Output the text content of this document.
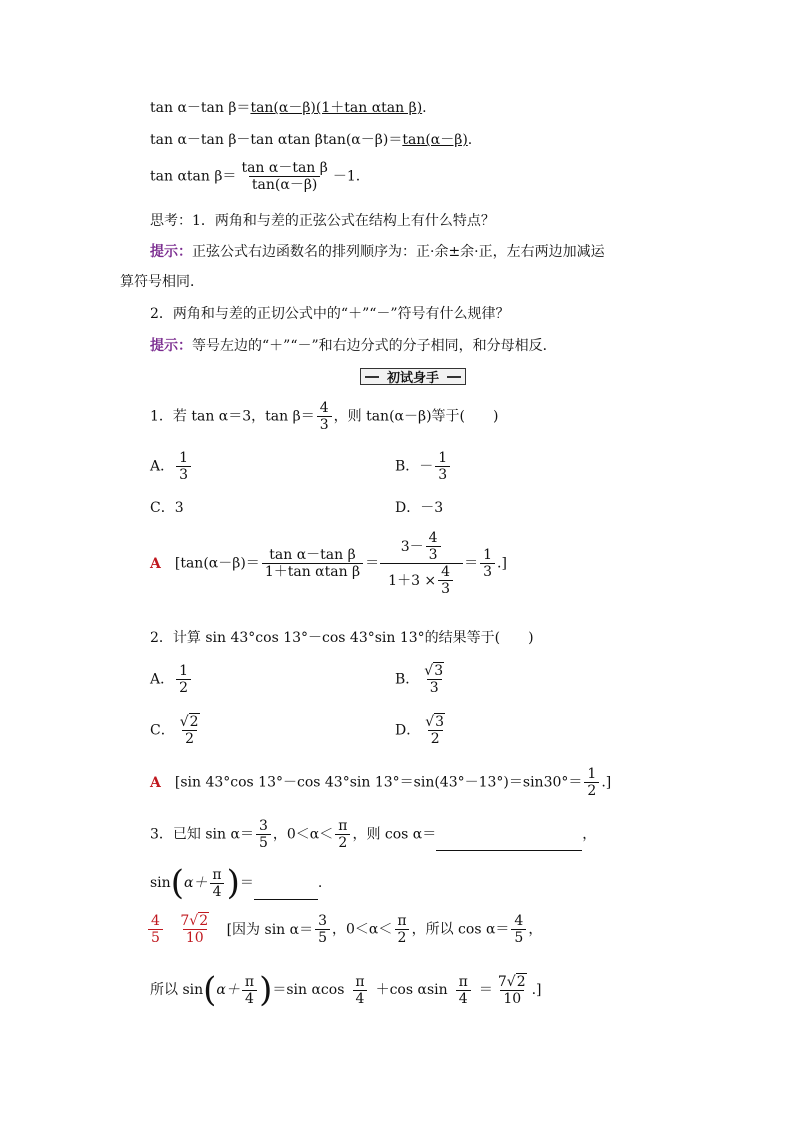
tan α－tan β＝tan(α－β)(1＋tan αtan β).
tan α－tan β－tan αtan βtan(α－β)＝tan(α－β).
tan αtan $\beta= \frac{\text{tan α－tan β}}{\tan(\alpha-\beta)} -1$.
思考：1．两角和与差的正弦公式在结构上有什么特点？
提示：正弦公式右边函数名的排列顺序为：正·余±余·正，左右两边加减运
算符号相同．
2．两角和与差的正切公式中的“＋”“－”符号有什么规律？
提示：等号左边的“＋”“－”和右边分式的分子相同，和分母相反．
初试身手
1．若 tan α＝3，$\tan \beta= \frac{4}{3}$ ，则 tan(α－β)等于(　　)
A． $\frac{1}{3}$	B．－ $\frac{1}{3}$
C．3	D．－3
A [$\tan(\alpha-\beta)= \frac{\text{tan α－tan β}}{\text{1＋tan αtan β}} = \frac{3- \frac{4}{3}}{1+3 \times \frac{4}{3}} = \frac{1}{3}$ .]
2．计算 sin 43°cos 13°－cos 43°sin 13°的结果等于(　　)
A． $\frac{1}{2}$	B． $\frac{√3}{3}$
C． $\frac{√2}{2}$	D． $\frac{√3}{2}$
A [sin 43°cos 13°－cos 43°sin $13^\circ=\sin(43^\circ-13^\circ)=\sin 30^\circ= \frac{1}{2}$ .]
3．已知 $\sin \alpha= \frac{3}{5}$ ，$0<\alpha< \frac{\pi}{2}$ ，则 cos α＝	，
$\sin(\alpha+ \frac{\pi}{4}$ )＝	.
$\frac{4}{5}$
$\frac{7√2}{10}$ [因为 $\sin \alpha= \frac{3}{5}$ ，$0<\alpha< \frac{\pi}{2}$ ，所以 $\cos \alpha= \frac{4}{5}$ ，
所以 $\sin(\alpha+ \frac{\pi}{4} )=\sin$ αcos $\frac{\pi}{4} +\cos$ αsin $\frac{\pi}{4} = \frac{7√2}{10}$ .]
